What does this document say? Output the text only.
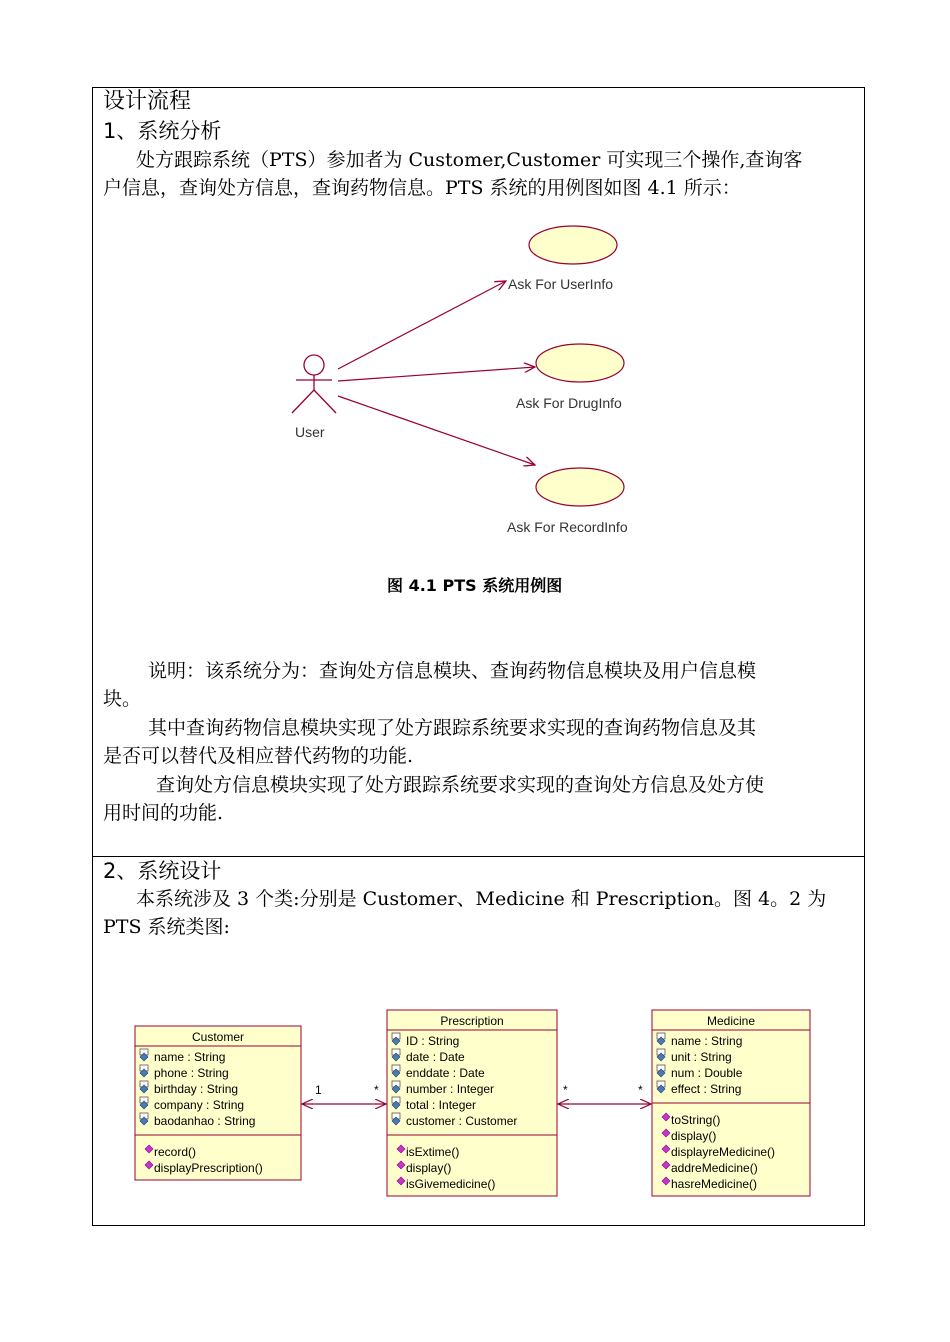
设计流程
1、系统分析
处方跟踪系统（PTS）参加者为 Customer,Customer 可实现三个操作,查询客
户信息，查询处方信息，查询药物信息。PTS 系统的用例图如图 4.1 所示：
User
Ask For UserInfo
Ask For DrugInfo
Ask For RecordInfo
图 4.1 PTS 系统用例图
说明：该系统分为：查询处方信息模块、查询药物信息模块及用户信息模
块。
其中查询药物信息模块实现了处方跟踪系统要求实现的查询药物信息及其
是否可以替代及相应替代药物的功能.
查询处方信息模块实现了处方跟踪系统要求实现的查询处方信息及处方使
用时间的功能.
2、系统设计
本系统涉及 3 个类:分别是 Customer、Medicine 和 Prescription。图 4。2 为
PTS 系统类图:
Customer
name : String
phone : String
birthday : String
company : String
baodanhao : String
record()
displayPrescription()
Prescription
ID : String
date : Date
enddate : Date
number : Integer
total : Integer
customer : Customer
isExtime()
display()
isGivemedicine()
Medicine
name : String
unit : String
num : Double
effect : String
toString()
display()
displayreMedicine()
addreMedicine()
hasreMedicine()
1	*	*	*
